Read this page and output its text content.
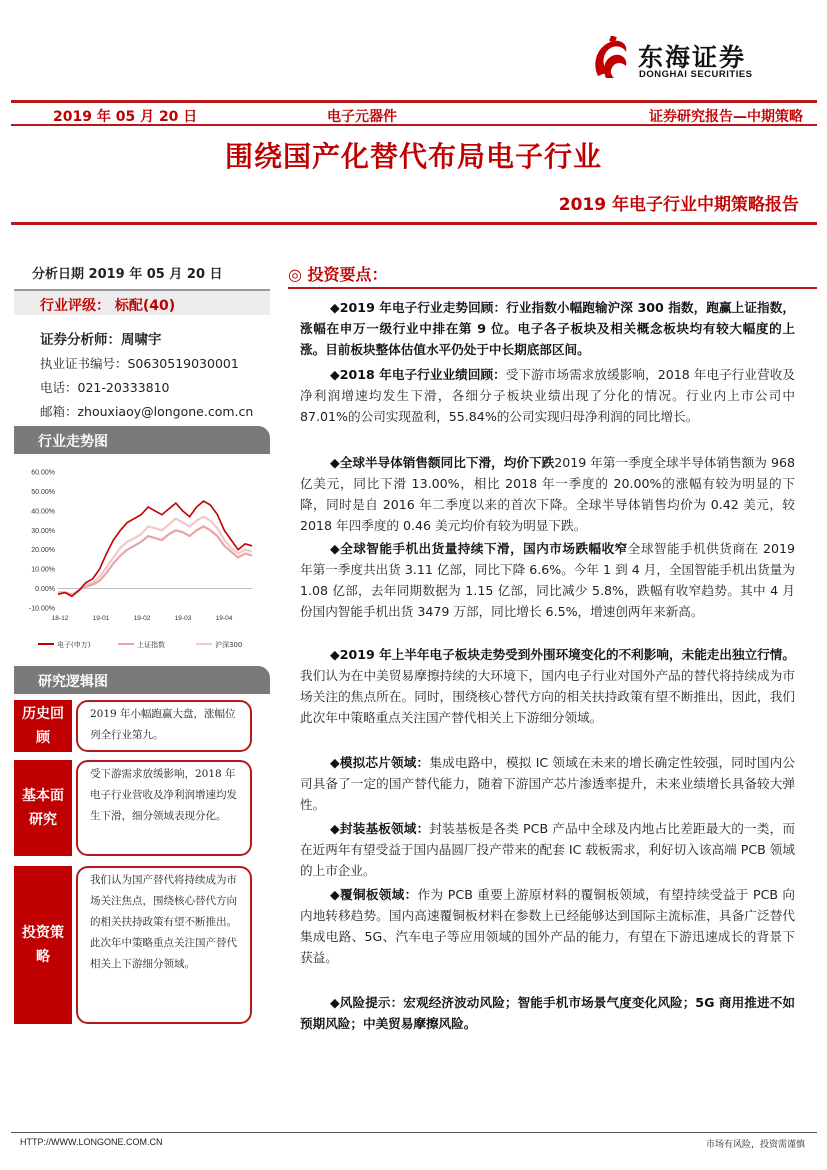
东海证券
DONGHAI SECURITIES
2019 年 05 月 20 日	电子元器件	证券研究报告—中期策略
围绕国产化替代布局电子行业
2019 年电子行业中期策略报告
分析日期 2019 年 05 月 20 日
行业评级： 标配(40)
证券分析师：周啸宇
执业证书编号：S0630519030001
电话：021-20333810
邮箱：zhouxiaoy@longone.com.cn
行业走势图
60.00%
50.00%
40.00%
30.00%
20.00%
10.00%
0.00%
-10.00%
18-12	19-01	19-02	19-03	19-04
电子(申万)	上证指数	沪深300
研究逻辑图
历史回顾
2019 年小幅跑赢大盘，涨幅位列全行业第九。
基本面研究
受下游需求放缓影响，2018 年电子行业营收及净利润增速均发生下滑，细分领域表现分化。
投资策略
我们认为国产替代将持续成为市场关注焦点，围绕核心替代方向的相关扶持政策有望不断推出。此次年中策略重点关注国产替代相关上下游细分领域。
◎ 投资要点：
◆2019 年电子行业走势回顾：行业指数小幅跑输沪深 300 指数，跑赢上证指数，涨幅在申万一级行业中排在第 9 位。电子各子板块及相关概念板块均有较大幅度的上涨。目前板块整体估值水平仍处于中长期底部区间。
◆2018 年电子行业业绩回顾：受下游市场需求放缓影响，2018 年电子行业营收及净利润增速均发生下滑，各细分子板块业绩出现了分化的情况。行业内上市公司中 87.01%的公司实现盈利，55.84%的公司实现归母净利润的同比增长。
◆全球半导体销售额同比下滑，均价下跌2019 年第一季度全球半导体销售额为 968 亿美元，同比下滑 13.00%，相比 2018 年一季度的 20.00%的涨幅有较为明显的下降，同时是自 2016 年二季度以来的首次下降。全球半导体销售均价为 0.42 美元，较 2018 年四季度的 0.46 美元均价有较为明显下跌。
◆全球智能手机出货量持续下滑，国内市场跌幅收窄全球智能手机供货商在 2019 年第一季度共出货 3.11 亿部，同比下降 6.6%。今年 1 到 4 月，全国智能手机出货量为 1.08 亿部，去年同期数据为 1.15 亿部，同比减少 5.8%，跌幅有收窄趋势。其中 4 月份国内智能手机出货 3479 万部，同比增长 6.5%，增速创两年来新高。
◆2019 年上半年电子板块走势受到外围环境变化的不利影响，未能走出独立行情。我们认为在中美贸易摩擦持续的大环境下，国内电子行业对国外产品的替代将持续成为市场关注的焦点所在。同时，围绕核心替代方向的相关扶持政策有望不断推出，因此，我们此次年中策略重点关注国产替代相关上下游细分领域。
◆模拟芯片领域：集成电路中，模拟 IC 领域在未来的增长确定性较强，同时国内公司具备了一定的国产替代能力，随着下游国产芯片渗透率提升，未来业绩增长具备较大弹性。
◆封装基板领域：封装基板是各类 PCB 产品中全球及内地占比差距最大的一类，而在近两年有望受益于国内晶圆厂投产带来的配套 IC 载板需求，利好切入该高端 PCB 领域的上市企业。
◆覆铜板领域：作为 PCB 重要上游原材料的覆铜板领域，有望持续受益于 PCB 向内地转移趋势。国内高速覆铜板材料在参数上已经能够达到国际主流标准，具备广泛替代集成电路、5G、汽车电子等应用领域的国外产品的能力，有望在下游迅速成长的背景下获益。
◆风险提示：宏观经济波动风险；智能手机市场景气度变化风险；5G 商用推进不如预期风险；中美贸易摩擦风险。
HTTP://WWW.LONGONE.COM.CN	市场有风险，投资需谨慎
